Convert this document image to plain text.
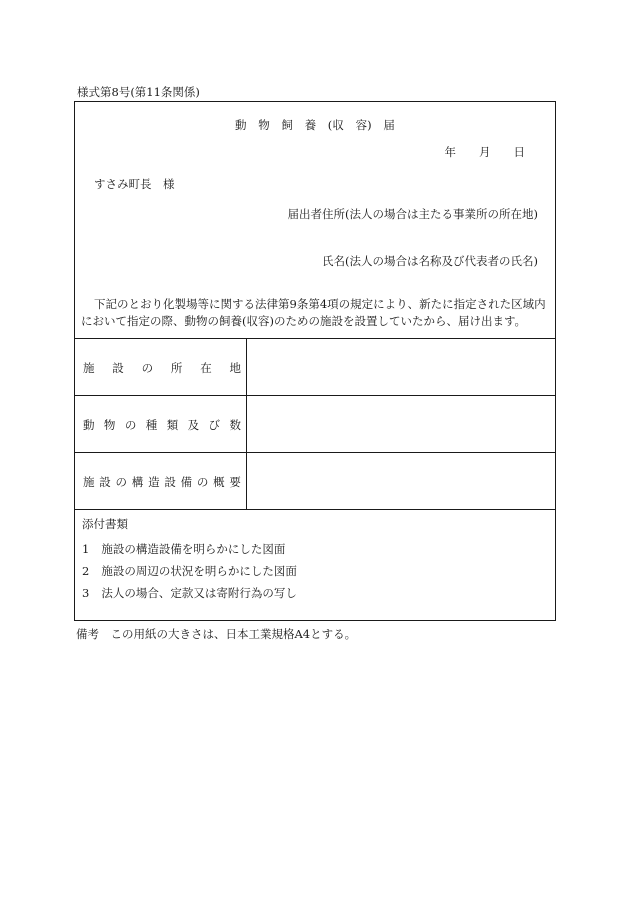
様式第8号(第11条関係)
動　物　飼　養　(収　容)　届
年　　月　　日
すさみ町長　様
届出者住所(法人の場合は主たる事業所の所在地)
氏名(法人の場合は名称及び代表者の氏名)
下記のとおり化製場等に関する法律第9条第4項の規定により、新たに指定された区域内
において指定の際、動物の飼養(収容)のための施設を設置していたから、届け出ます。
施 設 の 所 在 地
動 物 の 種 類 及 び 数
施 設 の 構 造 設 備 の 概 要
添付書類
1 施設の構造設備を明らかにした図面
2 施設の周辺の状況を明らかにした図面
3 法人の場合、定款又は寄附行為の写し
備考　この用紙の大きさは、日本工業規格A4とする。
